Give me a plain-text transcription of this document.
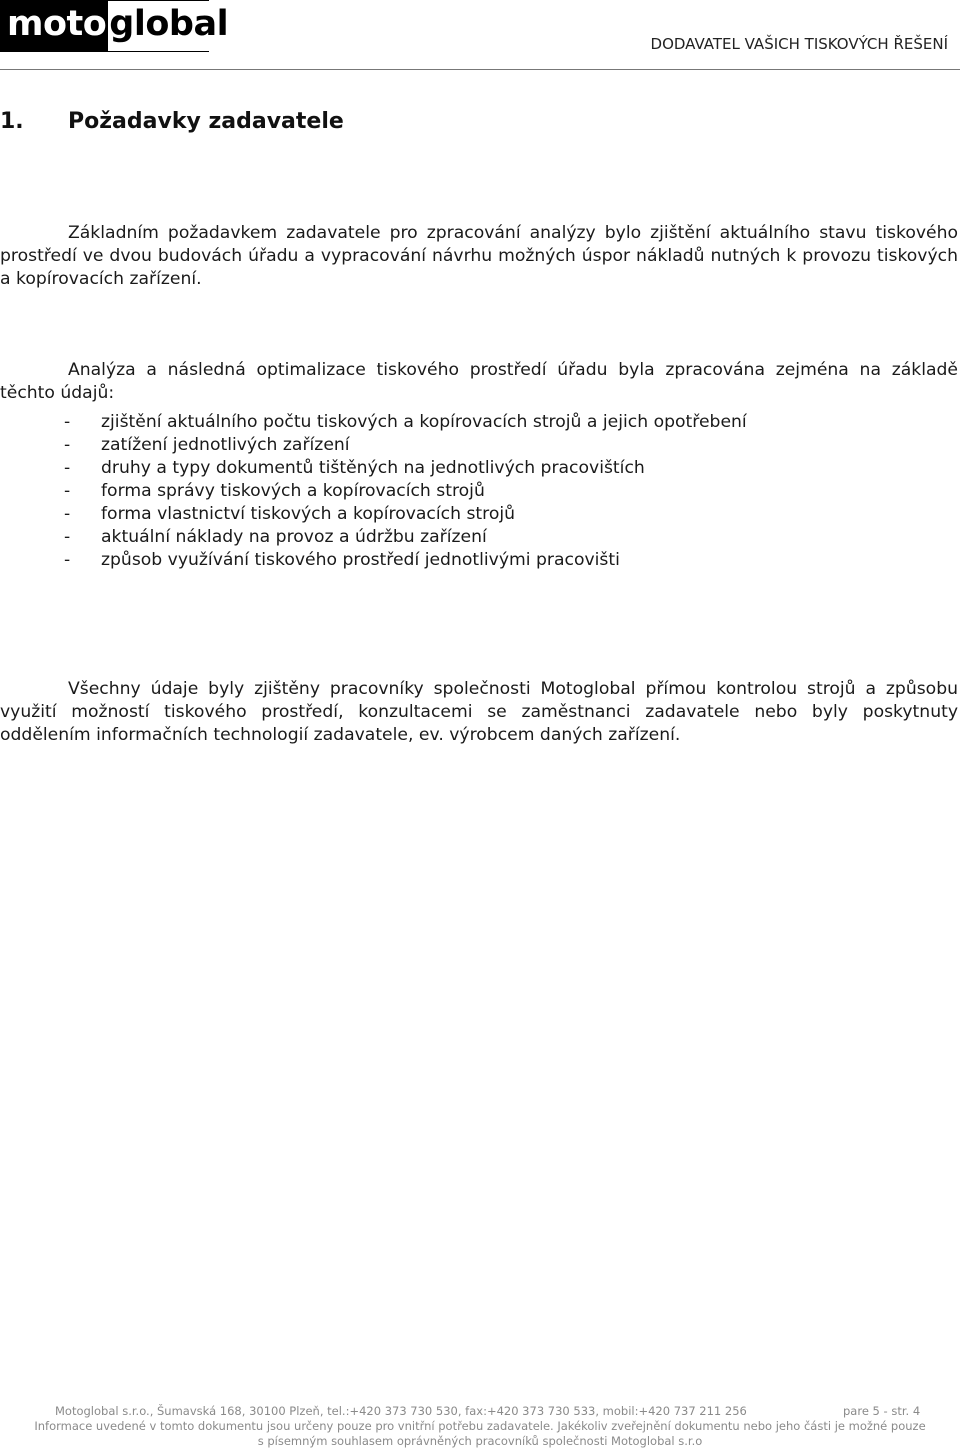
moto global	DODAVATEL VAŠICH TISKOVÝCH ŘEŠENÍ
1. Požadavky zadavatele

Základním požadavkem zadavatele pro zpracování analýzy bylo zjištění aktuálního stavu tiskového prostředí ve dvou budovách úřadu a vypracování návrhu možných úspor nákladů nutných k provozu tiskových a kopírovacích zařízení.

Analýza a následná optimalizace tiskového prostředí úřadu byla zpracována zejména na základě těchto údajů:

-	zjištění aktuálního počtu tiskových a kopírovacích strojů a jejich opotřebení
-	zatížení jednotlivých zařízení
-	druhy a typy dokumentů tištěných na jednotlivých pracovištích
-	forma správy tiskových a kopírovacích strojů
-	forma vlastnictví tiskových a kopírovacích strojů
-	aktuální náklady na provoz a údržbu zařízení
-	způsob využívání tiskového prostředí jednotlivými pracovišti

Všechny údaje byly zjištěny pracovníky společnosti Motoglobal přímou kontrolou strojů a způsobu využití možností tiskového prostředí, konzultacemi se zaměstnanci zadavatele nebo byly poskytnuty oddělením informačních technologií zadavatele, ev. výrobcem daných zařízení.

Motoglobal s.r.o., Šumavská 168, 30100 Plzeň, tel.:+420 373 730 530, fax:+420 373 730 533, mobil:+420 737 211 256	pare 5 - str. 4
Informace uvedené v tomto dokumentu jsou určeny pouze pro vnitřní potřebu zadavatele. Jakékoliv zveřejnění dokumentu nebo jeho části je možné pouze
s písemným souhlasem oprávněných pracovníků společnosti Motoglobal s.r.o
